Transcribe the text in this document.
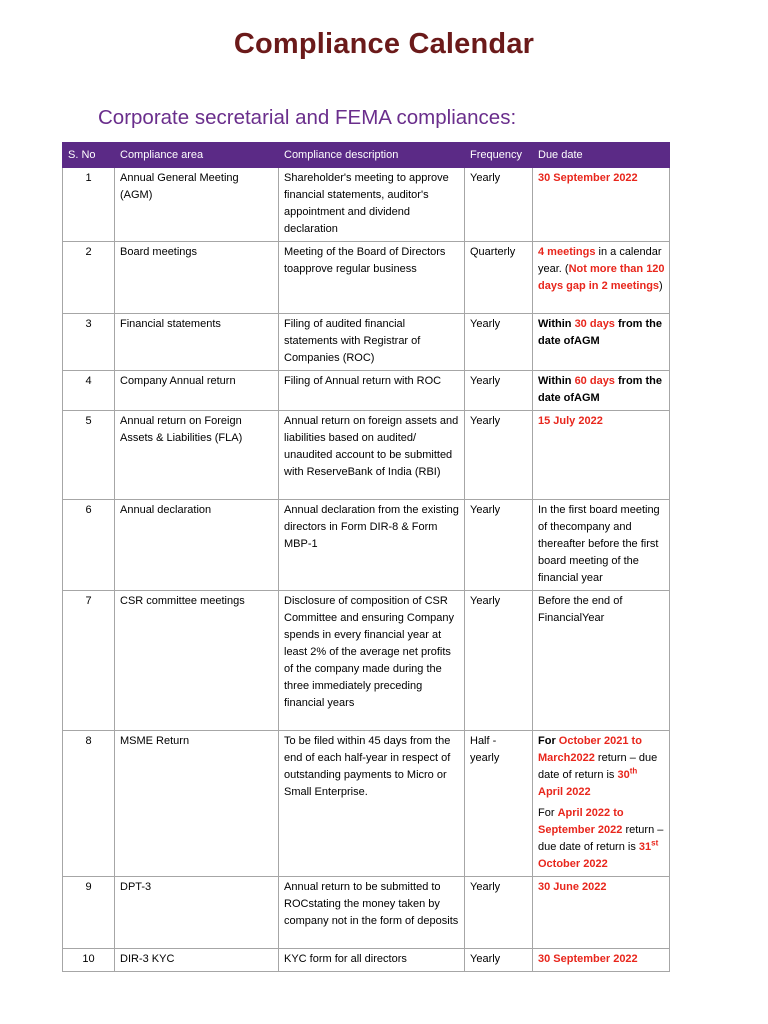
Compliance Calendar
Corporate secretarial and FEMA compliances:
S. No	Compliance area	Compliance description	Frequency	Due date
1	Annual General Meeting (AGM)	Shareholder's meeting to approve financial statements, auditor's appointment and dividend declaration	Yearly	30 September 2022
2	Board meetings	Meeting of the Board of Directors toapprove regular business	Quarterly	4 meetings in a calendar year. (Not more than 120 days gap in 2 meetings)
3	Financial statements	Filing of audited financial statements with Registrar of Companies (ROC)	Yearly	Within 30 days from the date ofAGM
4	Company Annual return	Filing of Annual return with ROC	Yearly	Within 60 days from the date ofAGM
5	Annual return on Foreign Assets & Liabilities (FLA)	Annual return on foreign assets and liabilities based on audited/ unaudited account to be submitted with ReserveBank of India (RBI)	Yearly	15 July 2022
6	Annual declaration	Annual declaration from the existing directors in Form DIR-8 & Form MBP-1	Yearly	In the first board meeting of thecompany and thereafter before the first board meeting of the financial year
7	CSR committee meetings	Disclosure of composition of CSR Committee and ensuring Company spends in every financial year at least 2% of the average net profits of the company made during the three immediately preceding financial years	Yearly	Before the end of FinancialYear
8	MSME Return	To be filed within 45 days from the end of each half-year in respect of outstanding payments to Micro or Small Enterprise.	Half - yearly	For October 2021 to March2022 return – due date of return is 30th April 2022
For April 2022 to September 2022 return – due date of return is 31st October 2022

9	DPT-3	Annual return to be submitted to ROCstating the money taken by company not in the form of deposits	Yearly	30 June 2022
10	DIR-3 KYC	KYC form for all directors	Yearly	30 September 2022
